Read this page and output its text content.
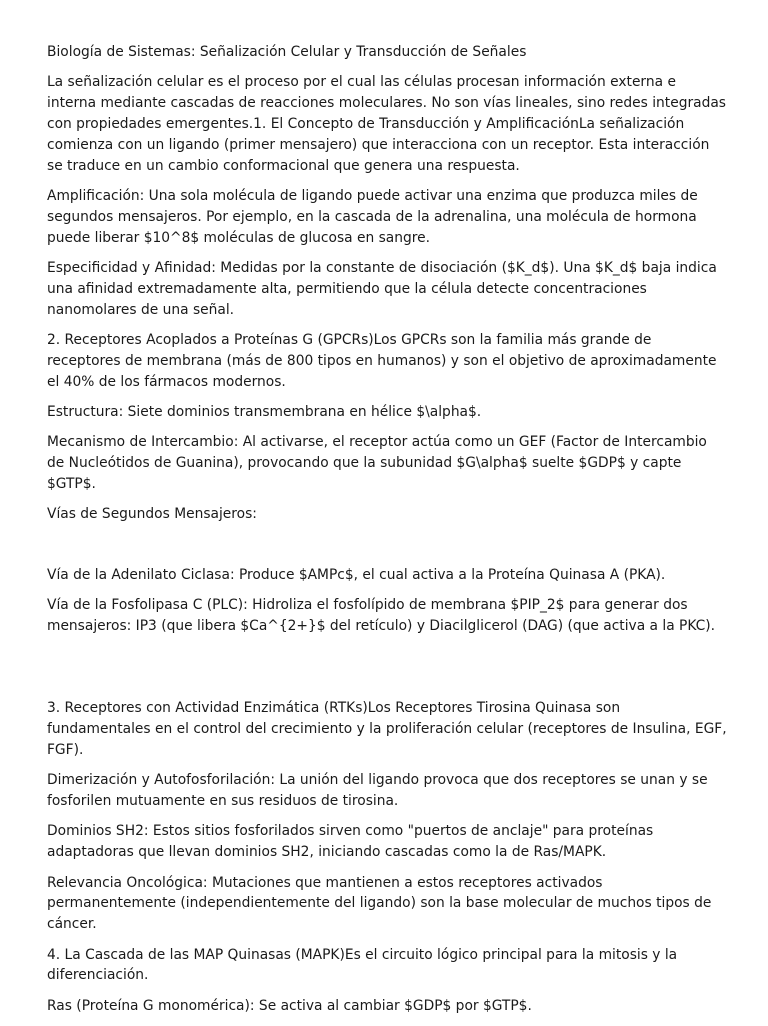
Biología de Sistemas: Señalización Celular y Transducción de Señales

La señalización celular es el proceso por el cual las células procesan información externa e interna mediante cascadas de reacciones moleculares. No son vías lineales, sino redes integradas con propiedades emergentes.1. El Concepto de Transducción y AmplificaciónLa señalización comienza con un ligando (primer mensajero) que interacciona con un receptor. Esta interacción se traduce en un cambio conformacional que genera una respuesta.

Amplificación: Una sola molécula de ligando puede activar una enzima que produzca miles de segundos mensajeros. Por ejemplo, en la cascada de la adrenalina, una molécula de hormona puede liberar $10^8$ moléculas de glucosa en sangre.

Especificidad y Afinidad: Medidas por la constante de disociación ($K_d$). Una $K_d$ baja indica una afinidad extremadamente alta, permitiendo que la célula detecte concentraciones nanomolares de una señal.

2. Receptores Acoplados a Proteínas G (GPCRs)Los GPCRs son la familia más grande de receptores de membrana (más de 800 tipos en humanos) y son el objetivo de aproximadamente el 40% de los fármacos modernos.

Estructura: Siete dominios transmembrana en hélice $\alpha$.

Mecanismo de Intercambio: Al activarse, el receptor actúa como un GEF (Factor de Intercambio de Nucleótidos de Guanina), provocando que la subunidad $G\alpha$ suelte $GDP$ y capte $GTP$.

Vías de Segundos Mensajeros:

Vía de la Adenilato Ciclasa: Produce $AMPc$, el cual activa a la Proteína Quinasa A (PKA).

Vía de la Fosfolipasa C (PLC): Hidroliza el fosfolípido de membrana $PIP_2$ para generar dos mensajeros: IP3 (que libera $Ca^{2+}$ del retículo) y Diacilglicerol (DAG) (que activa a la PKC).

3. Receptores con Actividad Enzimática (RTKs)Los Receptores Tirosina Quinasa son fundamentales en el control del crecimiento y la proliferación celular (receptores de Insulina, EGF, FGF).

Dimerización y Autofosforilación: La unión del ligando provoca que dos receptores se unan y se fosforilen mutuamente en sus residuos de tirosina.

Dominios SH2: Estos sitios fosforilados sirven como "puertos de anclaje" para proteínas adaptadoras que llevan dominios SH2, iniciando cascadas como la de Ras/MAPK.

Relevancia Oncológica: Mutaciones que mantienen a estos receptores activados permanentemente (independientemente del ligando) son la base molecular de muchos tipos de cáncer.

4. La Cascada de las MAP Quinasas (MAPK)Es el circuito lógico principal para la mitosis y la diferenciación.

Ras (Proteína G monomérica): Se activa al cambiar $GDP$ por $GTP$.
